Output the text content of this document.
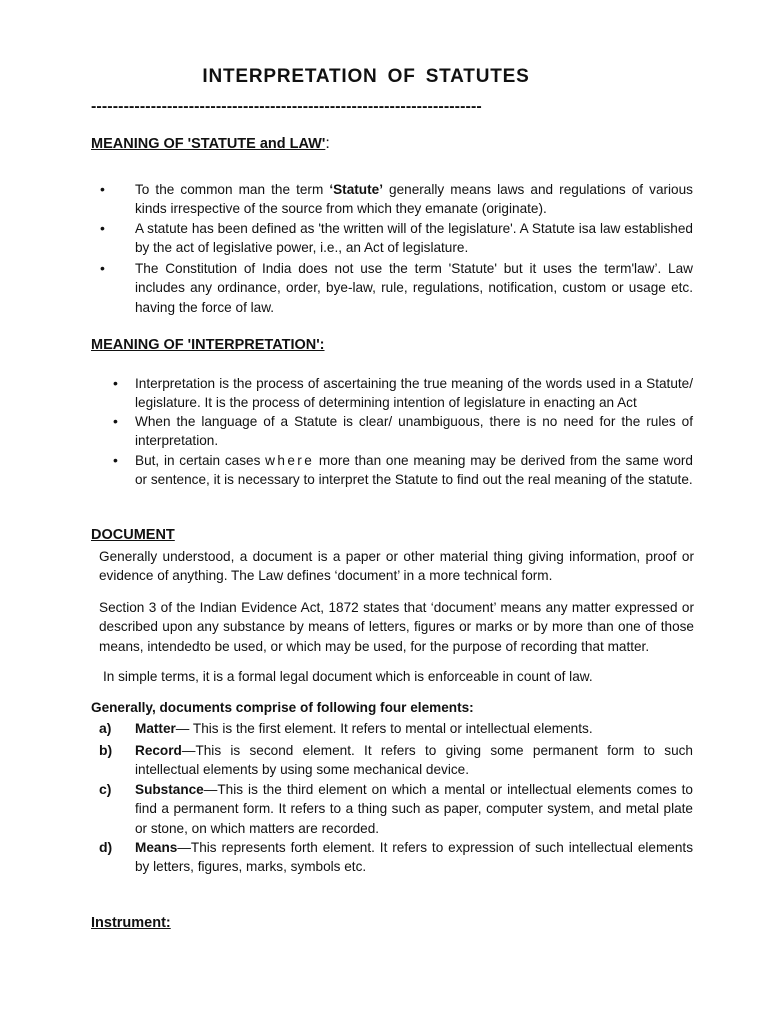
INTERPRETATION OF STATUTES
------------------------------------------------------------------------
MEANING OF 'STATUTE and LAW':
• To the common man the term ‘Statute’ generally means laws and regulations of various kinds irrespective of the source from which they emanate (originate).
• A statute has been defined as 'the written will of the legislature'. A Statute isa law established by the act of legislative power, i.e., an Act of legislature.
• The Constitution of India does not use the term 'Statute' but it uses the term'law’. Law includes any ordinance, order, bye-law, rule, regulations, notification, custom or usage etc. having the force of law.
MEANING OF 'INTERPRETATION':
• Interpretation is the process of ascertaining the true meaning of the words used in a Statute/ legislature. It is the process of determining intention of legislature in enacting an Act
• When the language of a Statute is clear/ unambiguous, there is no need for the rules of interpretation.
• But, in certain cases where more than one meaning may be derived from the same word or sentence, it is necessary to interpret the Statute to find out the real meaning of the statute.
DOCUMENT
Generally understood, a document is a paper or other material thing giving information, proof or evidence of anything. The Law defines ‘document’ in a more technical form.
Section 3 of the Indian Evidence Act, 1872 states that ‘document’ means any matter expressed or described upon any substance by means of letters, figures or marks or by more than one of those means, intendedto be used, or which may be used, for the purpose of recording that matter.
In simple terms, it is a formal legal document which is enforceable in count of law.
Generally, documents comprise of following four elements:
a) Matter— This is the first element. It refers to mental or intellectual elements.
b) Record—This is second element. It refers to giving some permanent form to such intellectual elements by using some mechanical device.
c) Substance—This is the third element on which a mental or intellectual elements comes to find a permanent form. It refers to a thing such as paper, computer system, and metal plate or stone, on which matters are recorded.
d) Means—This represents forth element. It refers to expression of such intellectual elements by letters, figures, marks, symbols etc.
Instrument:
